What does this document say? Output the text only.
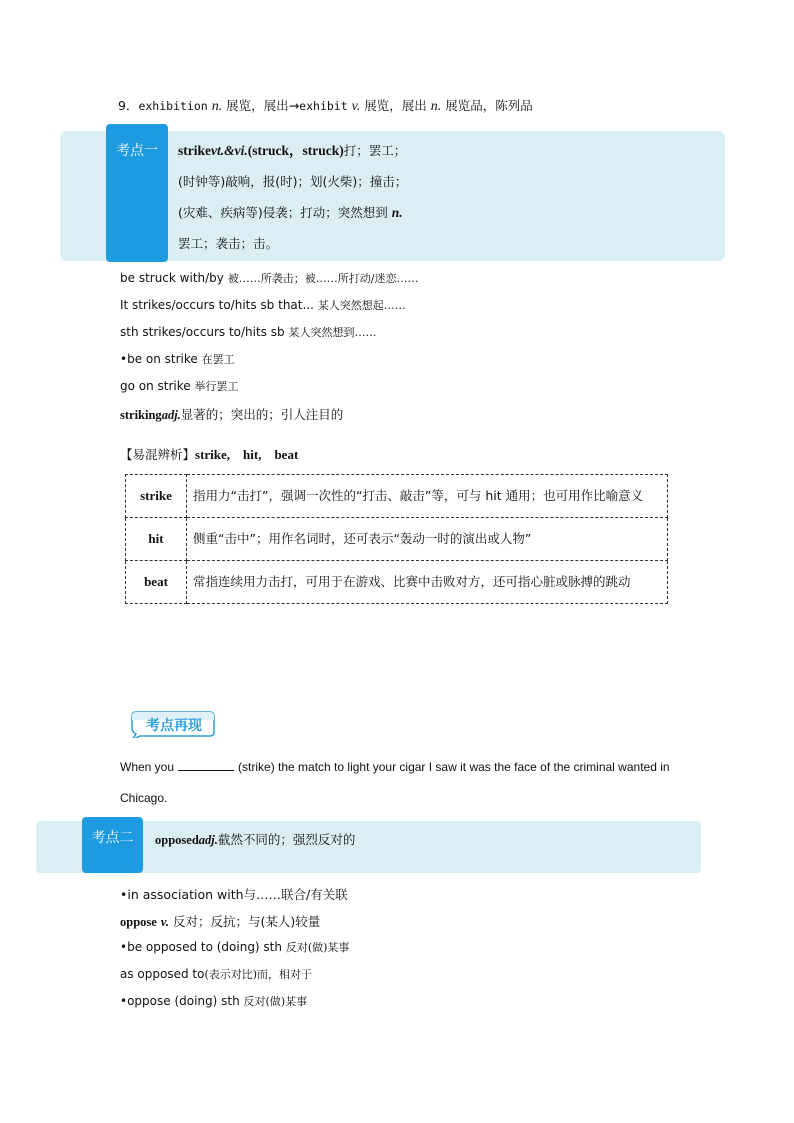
9．exhibition n. 展览，展出→exhibit v. 展览，展出 n. 展览品，陈列品
考点一	strikevt.&vi.(struck，struck)打；罢工；(时钟等)敲响，报(时)；划(火柴)；撞击；(灾难、疾病等)侵袭；打动；突然想到 n. 罢工；袭击；击。
be struck with/by 被……所袭击；被……所打动/迷恋……
It strikes/occurs to/hits sb that... 某人突然想起……
sth strikes/occurs to/hits sb 某人突然想到……
•be on strike 在罢工
go on strike 举行罢工
strikingadj.显著的；突出的；引人注目的
【易混辨析】strike,　hit,　beat
strike	指用力“击打”，强调一次性的“打击、敲击”等，可与 hit 通用；也可用作比喻意义
hit	侧重“击中”；用作名词时，还可表示“轰动一时的演出或人物”
beat	常指连续用力击打，可用于在游戏、比赛中击败对方，还可指心脏或脉搏的跳动
考点再现
When you	(strike) the match to light your cigar I saw it was the face of the criminal wanted in Chicago.
考点二	opposedadj.截然不同的；强烈反对的
•in association with与……联合/有关联
oppose v. 反对；反抗；与(某人)较量
•be opposed to (doing) sth 反对(做)某事
as opposed to(表示对比)而，相对于
•oppose (doing) sth 反对(做)某事
